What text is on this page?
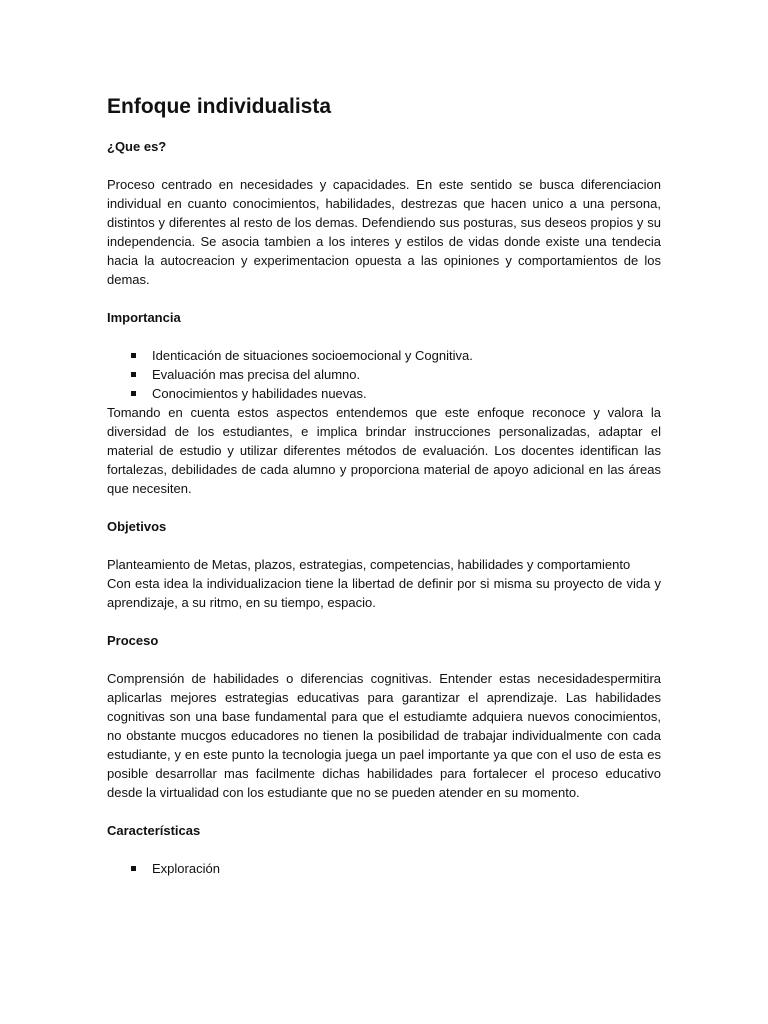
Enfoque individualista
¿Que es?

Proceso centrado en necesidades y capacidades. En este sentido se busca diferenciacion individual en cuanto conocimientos, habilidades, destrezas que hacen unico a una persona, distintos y diferentes al resto de los demas. Defendiendo sus posturas, sus deseos propios y su independencia. Se asocia tambien a los interes y estilos de vidas donde existe una tendecia hacia la autocreacion y experimentacion opuesta a las opiniones y comportamientos de los demas.

Importancia
Identicación de situaciones socioemocional y Cognitiva.
Evaluación mas precisa del alumno.
Conocimientos y habilidades nuevas.

Tomando en cuenta estos aspectos entendemos que este enfoque reconoce y valora la diversidad de los estudiantes, e implica brindar instrucciones personalizadas, adaptar el material de estudio y utilizar diferentes métodos de evaluación. Los docentes identifican las fortalezas, debilidades de cada alumno y proporciona material de apoyo adicional en las áreas que necesiten.

Objetivos

Planteamiento de Metas, plazos, estrategias, competencias, habilidades y comportamiento

Con esta idea la individualizacion tiene la libertad de definir por si misma su proyecto de vida y aprendizaje, a su ritmo, en su tiempo, espacio.

Proceso

Comprensión de habilidades o diferencias cognitivas. Entender estas necesidadespermitira aplicarlas mejores estrategias educativas para garantizar el aprendizaje. Las habilidades cognitivas son una base fundamental para que el estudiamte adquiera nuevos conocimientos, no obstante mucgos educadores no tienen la posibilidad de trabajar individualmente con cada estudiante, y en este punto la tecnologia juega un pael importante ya que con el uso de esta es posible desarrollar mas facilmente dichas habilidades para fortalecer el proceso educativo desde la virtualidad con los estudiante que no se pueden atender en su momento.

Características
Exploración
